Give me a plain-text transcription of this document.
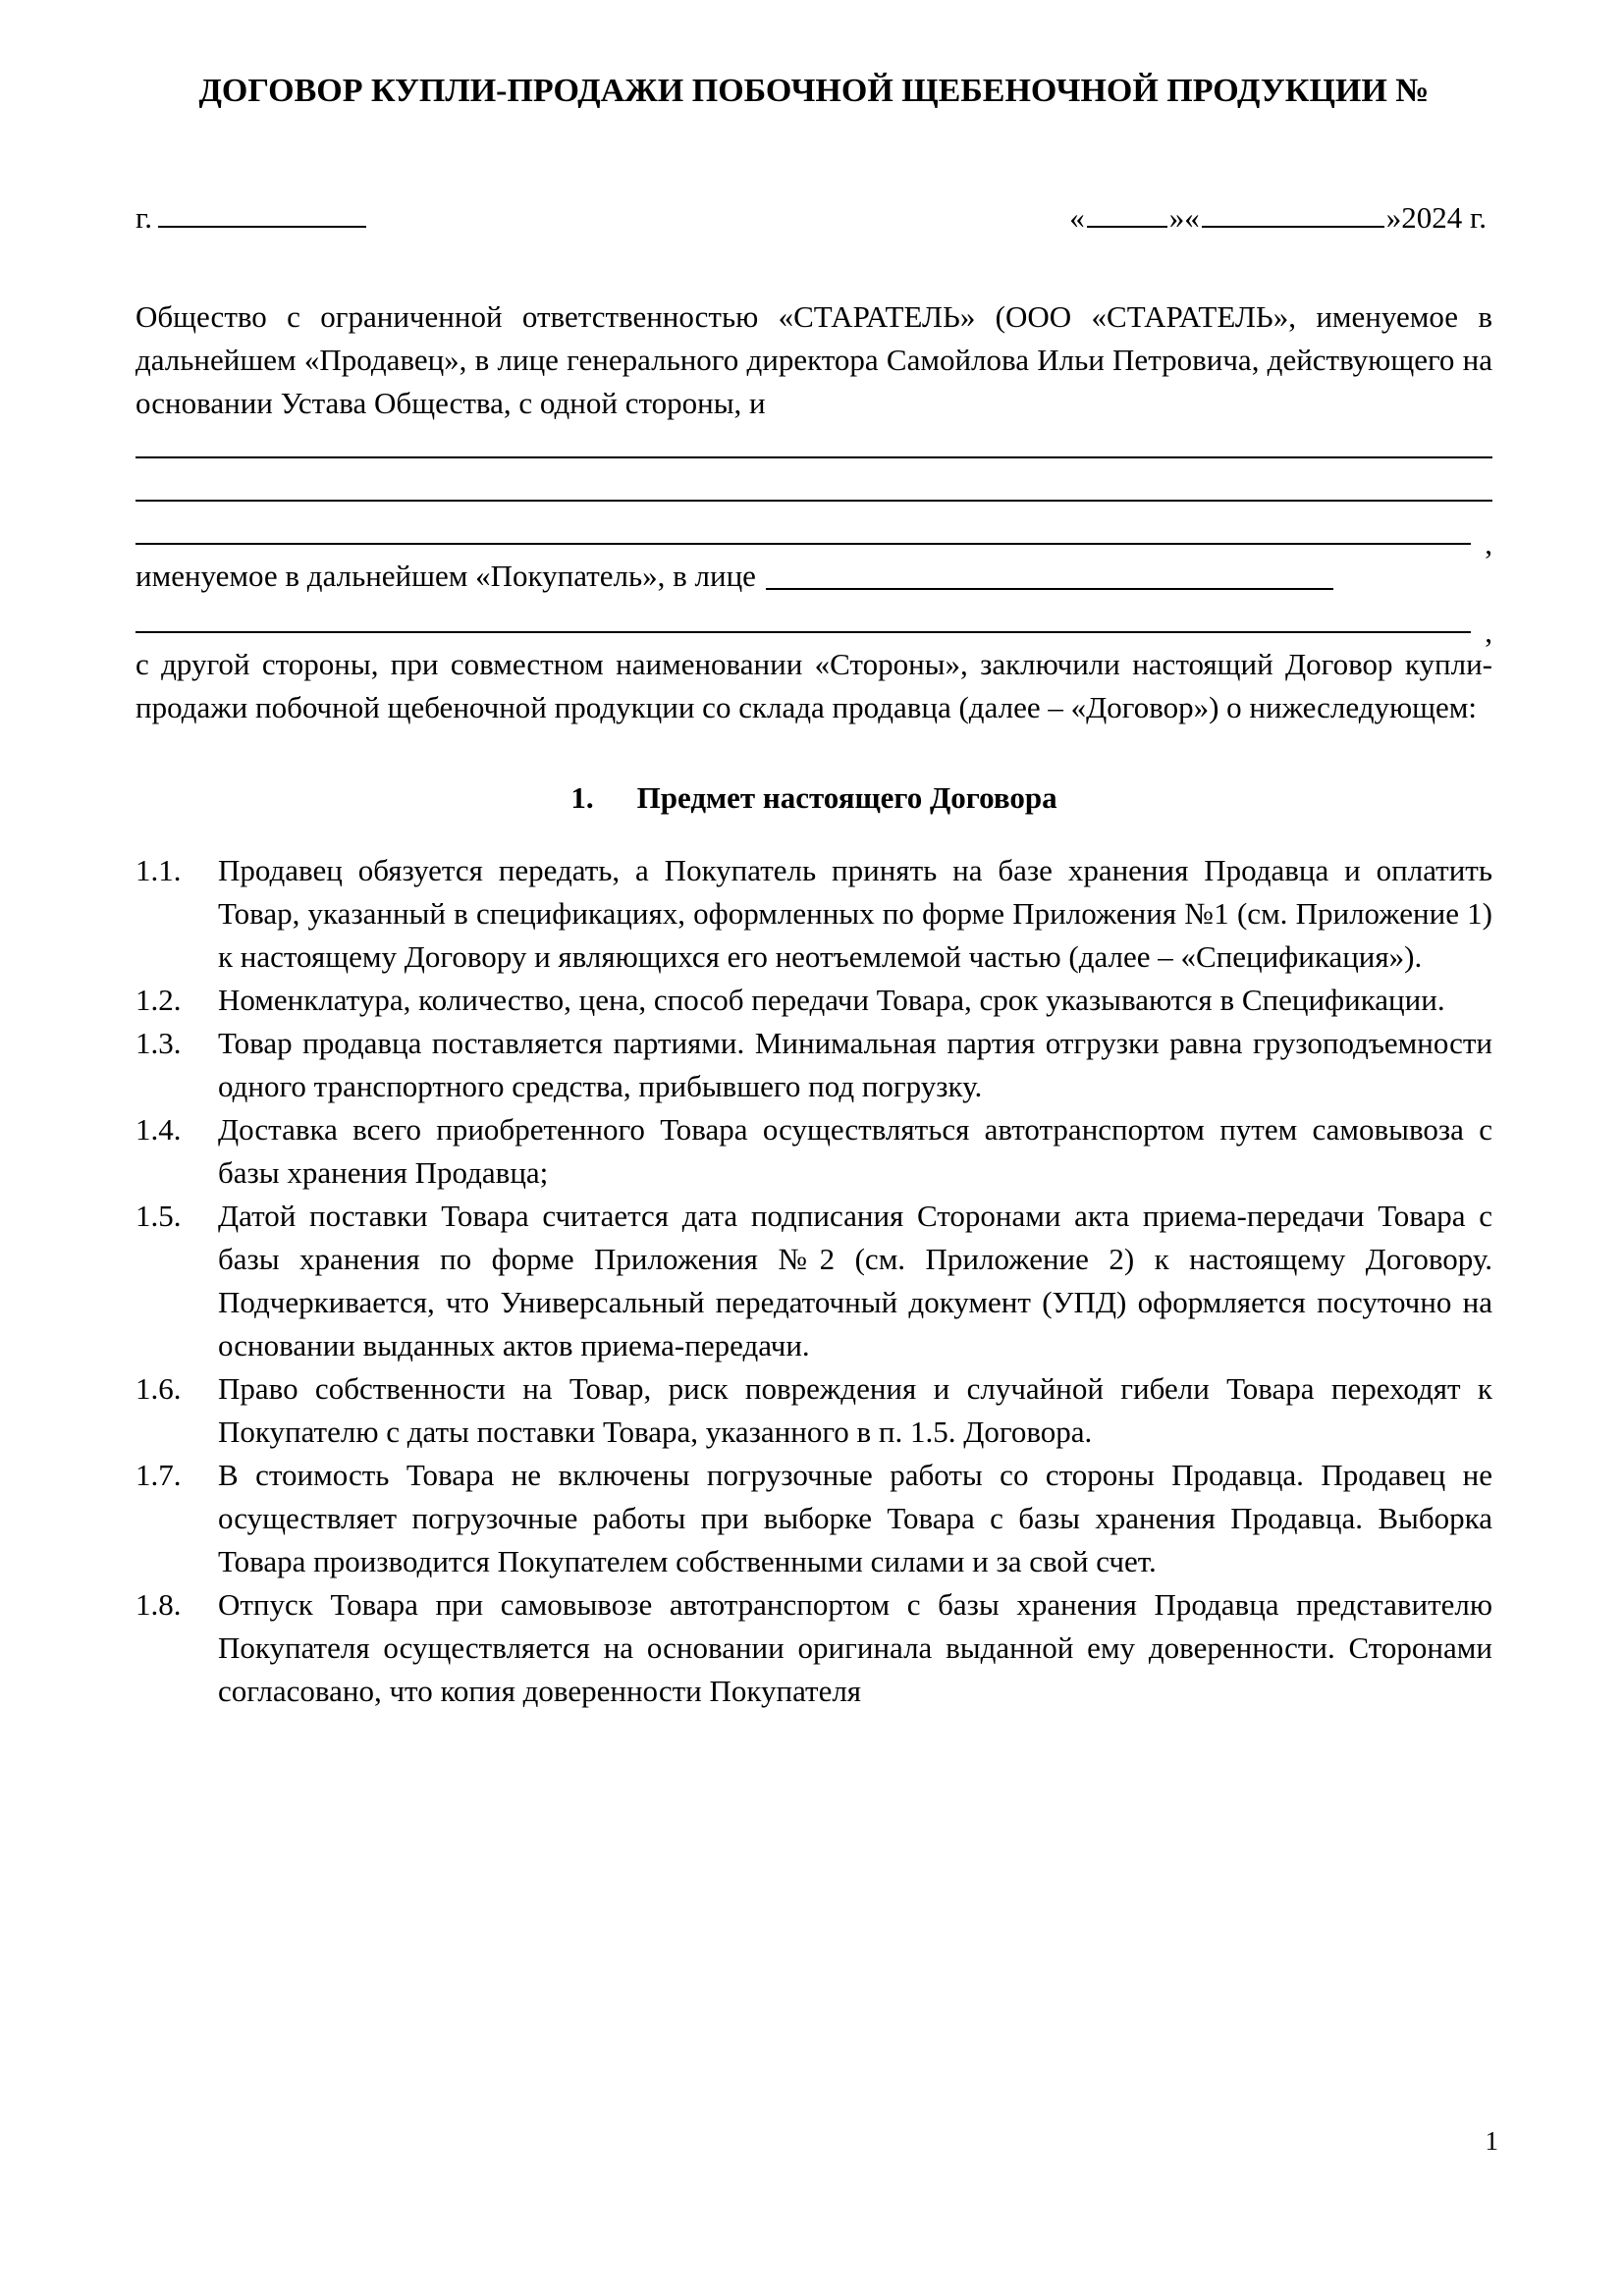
ДОГОВОР КУПЛИ-ПРОДАЖИ ПОБОЧНОЙ ЩЕБЕНОЧНОЙ ПРОДУКЦИИ №
г.	«	»«	»2024 г.

Общество с ограниченной ответственностью «СТАРАТЕЛЬ» (ООО «СТАРАТЕЛЬ», именуемое в дальнейшем «Продавец», в лице генерального директора Самойлова Ильи Петровича, действующего на основании Устава Общества, с одной стороны, и

,
именуемое в дальнейшем «Покупатель», в лице
,

с другой стороны, при совместном наименовании «Стороны», заключили настоящий Договор купли-продажи побочной щебеночной продукции со склада продавца (далее – «Договор») о нижеследующем:

1. Предмет настоящего Договора
1.1.	Продавец обязуется передать, а Покупатель принять на базе хранения Продавца и оплатить Товар, указанный в спецификациях, оформленных по форме Приложения №1 (см. Приложение 1) к настоящему Договору и являющихся его неотъемлемой частью (далее – «Спецификация»).
1.2.	Номенклатура, количество, цена, способ передачи Товара, срок указываются в Спецификации.
1.3.	Товар продавца поставляется партиями. Минимальная партия отгрузки равна грузоподъемности одного транспортного средства, прибывшего под погрузку.
1.4.	Доставка всего приобретенного Товара осуществляться автотранспортом путем самовывоза с базы хранения Продавца;
1.5.	Датой поставки Товара считается дата подписания Сторонами акта приема-передачи Товара с базы хранения по форме Приложения №2 (см. Приложение 2) к настоящему Договору. Подчеркивается, что Универсальный передаточный документ (УПД) оформляется посуточно на основании выданных актов приема-передачи.
1.6.	Право собственности на Товар, риск повреждения и случайной гибели Товара переходят к Покупателю с даты поставки Товара, указанного в п. 1.5. Договора.
1.7.	В стоимость Товара не включены погрузочные работы со стороны Продавца. Продавец не осуществляет погрузочные работы при выборке Товара с базы хранения Продавца. Выборка Товара производится Покупателем собственными силами и за свой счет.
1.8.	Отпуск Товара при самовывозе автотранспортом с базы хранения Продавца представителю Покупателя осуществляется на основании оригинала выданной ему доверенности. Сторонами согласовано, что копия доверенности Покупателя
1
